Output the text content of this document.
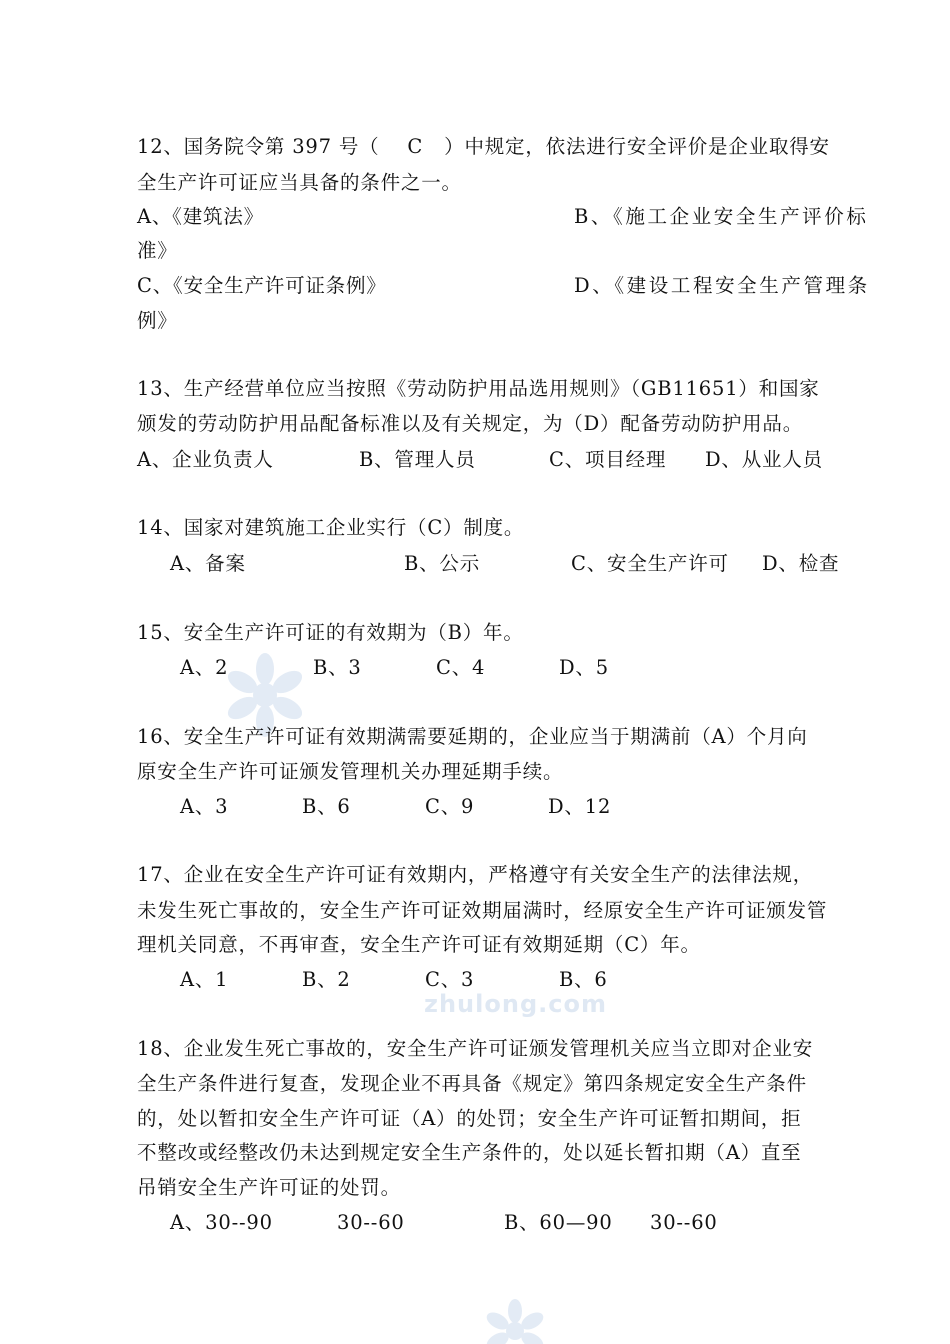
zhulong.com
12、国务院令第 397 号（    C   ）中规定，依法进行安全评价是企业取得安
全生产许可证应当具备的条件之一。
A、《建筑法》	B、《施工企业安全生产评价标
准》
C、《安全生产许可证条例》	D、《建设工程安全生产管理条
例》
13、生产经营单位应当按照《劳动防护用品选用规则》（GB11651）和国家
颁发的劳动防护用品配备标准以及有关规定，为（D）配备劳动防护用品。
A、企业负责人	B、管理人员	C、项目经理 D、从业人员
14、国家对建筑施工企业实行（C）制度。
A、备案	B、公示	C、安全生产许可 D、检查
15、安全生产许可证的有效期为（B）年。
A、2	B、3	C、4	D、5
16、安全生产许可证有效期满需要延期的，企业应当于期满前（A）个月向
原安全生产许可证颁发管理机关办理延期手续。
A、3	B、6	C、9	D、12
17、企业在安全生产许可证有效期内，严格遵守有关安全生产的法律法规，
未发生死亡事故的，安全生产许可证效期届满时，经原安全生产许可证颁发管
理机关同意，不再审查，安全生产许可证有效期延期（C）年。
A、1	B、2	C、3	B、6
18、企业发生死亡事故的，安全生产许可证颁发管理机关应当立即对企业安
全生产条件进行复查，发现企业不再具备《规定》第四条规定安全生产条件
的，处以暂扣安全生产许可证（A）的处罚；安全生产许可证暂扣期间，拒
不整改或经整改仍未达到规定安全生产条件的，处以延长暂扣期（A）直至
吊销安全生产许可证的处罚。
A、30--90	30--60	B、60—90 30--60
